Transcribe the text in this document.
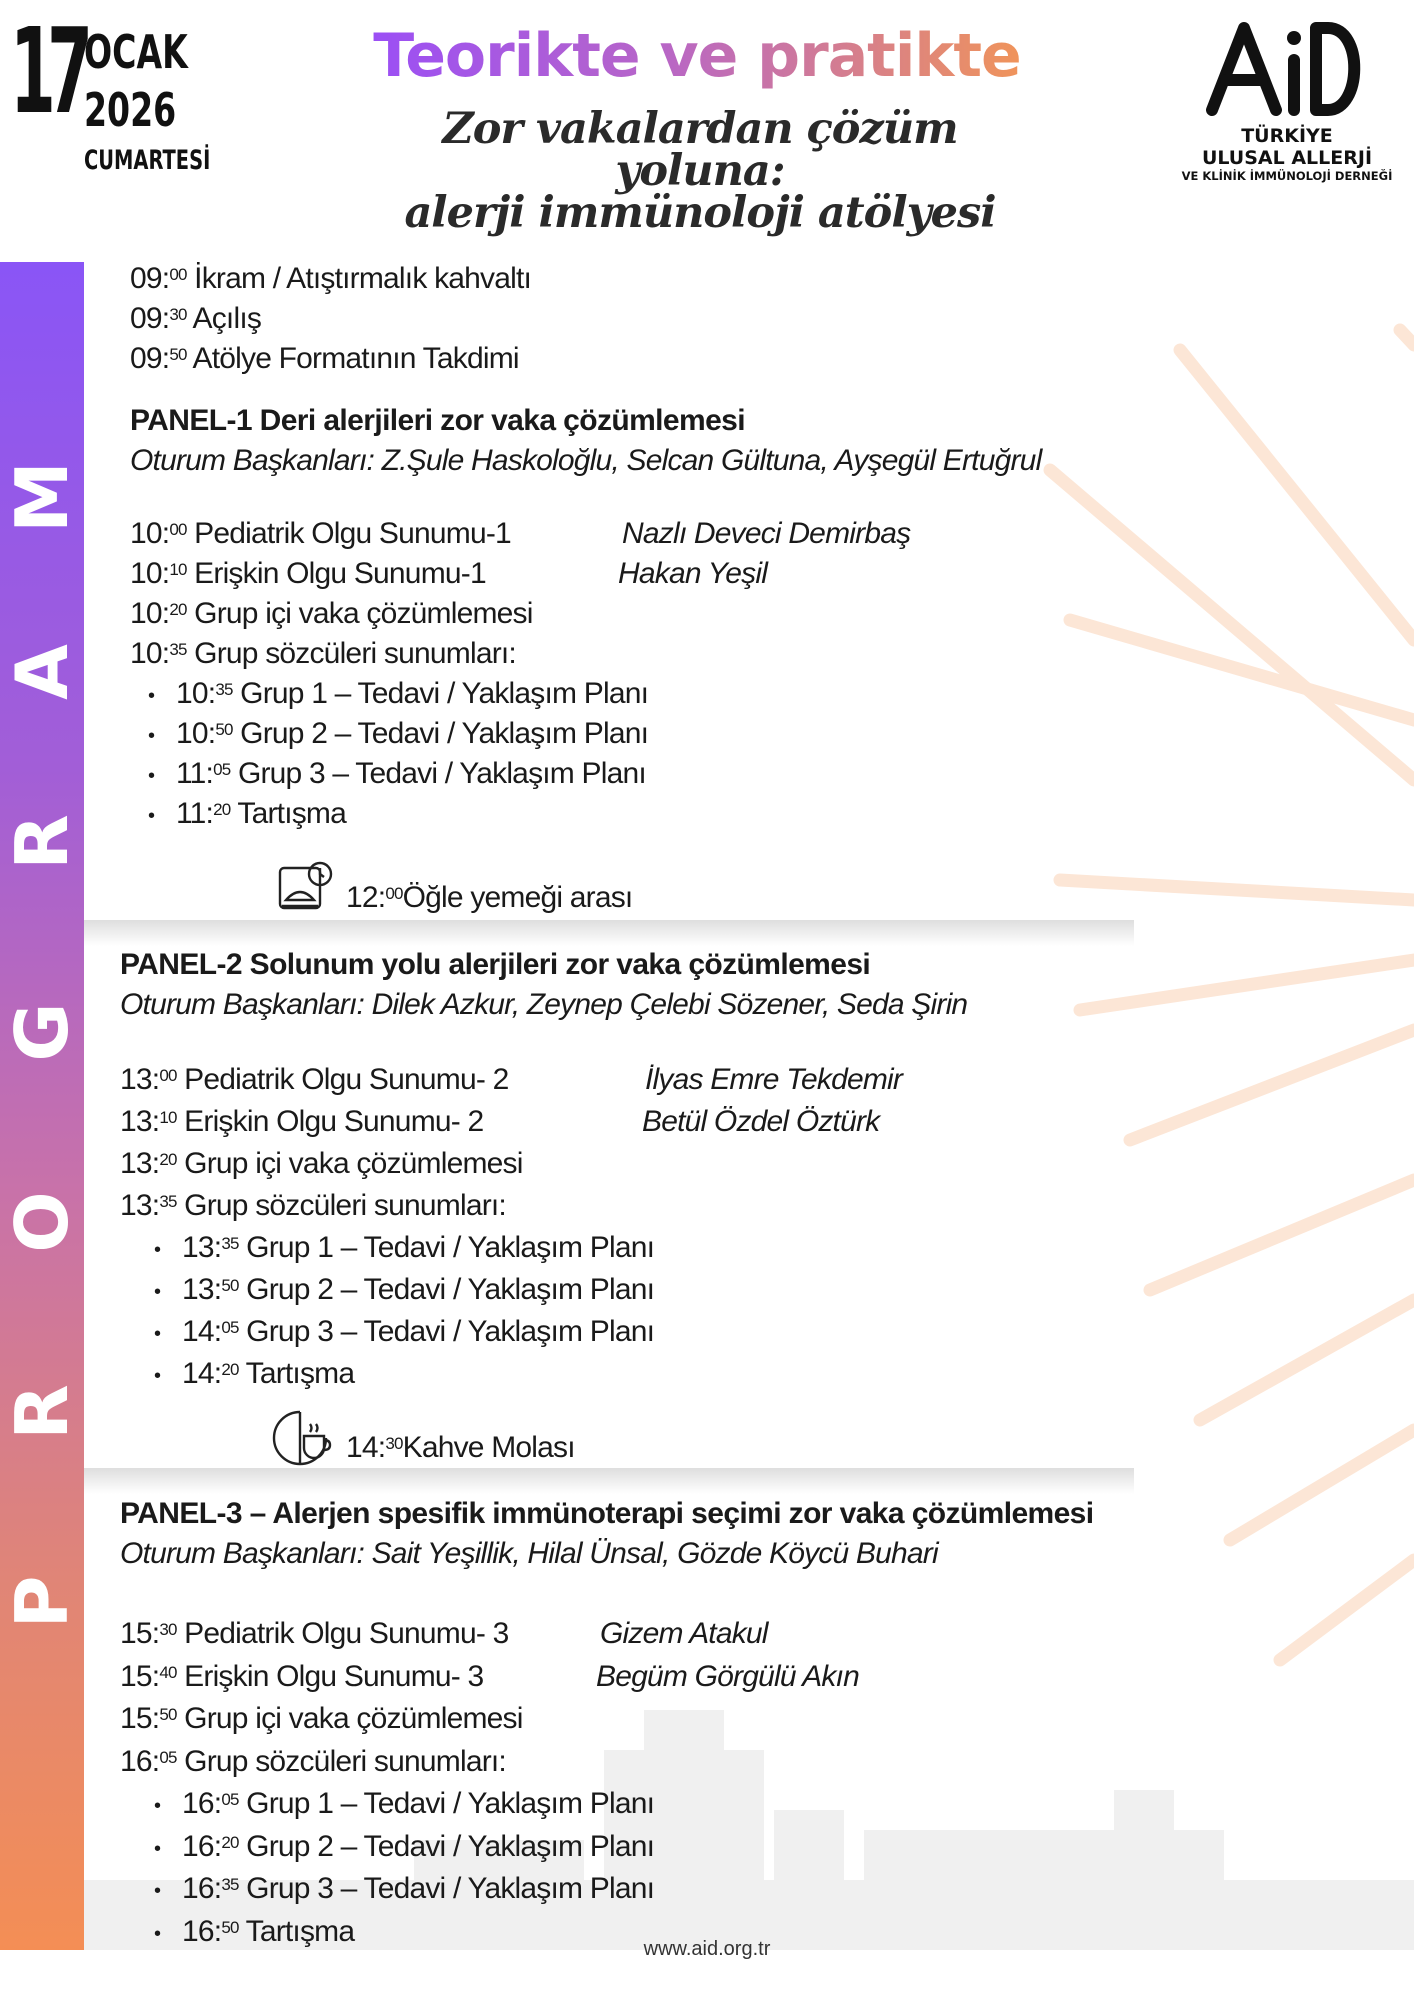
17 OCAK
2026
CUMARTESİ
Teorikte ve pratikte
Zor vakalardan çözüm yoluna:
alerji immünoloji atölyesi
TÜRKİYE
ULUSAL ALLERJİ
VE KLİNİK İMMÜNOLOJİ DERNEĞİ
P
R
O
G
R
A
M
09:$^{00}$ İkram / Atıştırmalık kahvaltı
09:$^{30}$ Açılış
09:$^{50}$ Atölye Formatının Takdimi
PANEL-1 Deri alerjileri zor vaka çözümlemesi
Oturum Başkanları: Z.Şule Haskoloğlu, Selcan Gültuna, Ayşegül Ertuğrul
10:$^{00}$ Pediatrik Olgu Sunumu-1	Nazlı Deveci Demirbaş
10:$^{10}$ Erişkin Olgu Sunumu-1	Hakan Yeşil
10:$^{20}$ Grup içi vaka çözümlemesi
10:$^{35}$ Grup sözcüleri sunumları:
• 10:$^{35}$ Grup 1 – Tedavi / Yaklaşım Planı
• 10:$^{50}$ Grup 2 – Tedavi / Yaklaşım Planı
• 11:$^{05}$ Grup 3 – Tedavi / Yaklaşım Planı
• 11:$^{20}$ Tartışma
12:$^{00}$Öğle yemeği arası
PANEL-2 Solunum yolu alerjileri zor vaka çözümlemesi
Oturum Başkanları: Dilek Azkur, Zeynep Çelebi Sözener, Seda Şirin
13:$^{00}$ Pediatrik Olgu Sunumu- 2	İlyas Emre Tekdemir
13:$^{10}$ Erişkin Olgu Sunumu- 2	Betül Özdel Öztürk
13:$^{20}$ Grup içi vaka çözümlemesi
13:$^{35}$ Grup sözcüleri sunumları:
• 13:$^{35}$ Grup 1 – Tedavi / Yaklaşım Planı
• 13:$^{50}$ Grup 2 – Tedavi / Yaklaşım Planı
• 14:$^{05}$ Grup 3 – Tedavi / Yaklaşım Planı
• 14:$^{20}$ Tartışma
14:$^{30}$Kahve Molası
PANEL-3 – Alerjen spesifik immünoterapi seçimi zor vaka çözümlemesi
Oturum Başkanları: Sait Yeşillik, Hilal Ünsal, Gözde Köycü Buhari
15:$^{30}$ Pediatrik Olgu Sunumu- 3	Gizem Atakul
15:$^{40}$ Erişkin Olgu Sunumu- 3	Begüm Görgülü Akın
15:$^{50}$ Grup içi vaka çözümlemesi
16:$^{05}$ Grup sözcüleri sunumları:
• 16:$^{05}$ Grup 1 – Tedavi / Yaklaşım Planı
• 16:$^{20}$ Grup 2 – Tedavi / Yaklaşım Planı
• 16:$^{35}$ Grup 3 – Tedavi / Yaklaşım Planı
• 16:$^{50}$ Tartışma
www.aid.org.tr
